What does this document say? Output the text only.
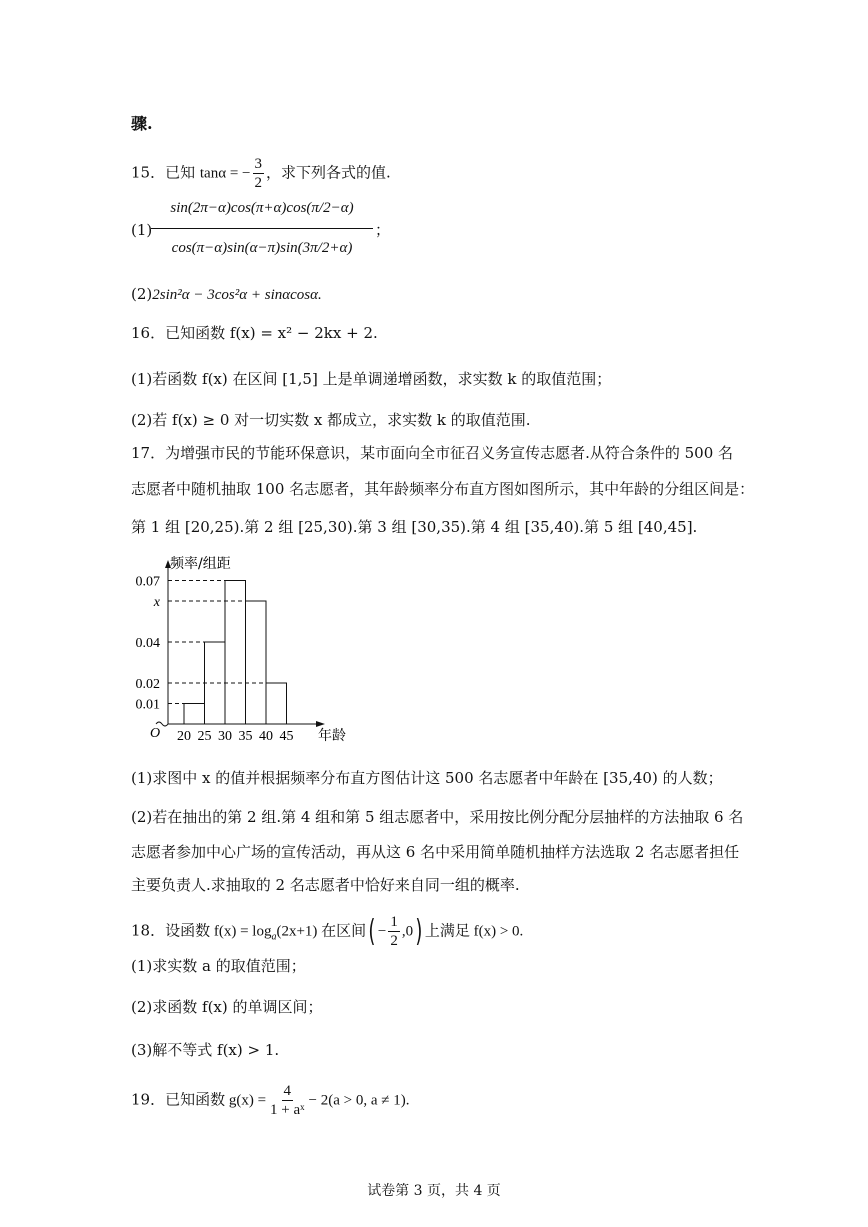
骤.
15．已知 tanα = − $\frac{3}{2}$ ，求下列各式的值.
(1)
sin(2π−α)cos(π+α)cos(π/2−α)
cos(π−α)sin(α−π)sin(3π/2+α)
；
(2)2sin²α − 3cos²α + sinαcosα.
16．已知函数 f(x) = x² − 2kx + 2.
(1)若函数 f(x) 在区间 [1,5] 上是单调递增函数，求实数 k 的取值范围；
(2)若 f(x) ≥ 0 对一切实数 x 都成立，求实数 k 的取值范围.
17．为增强市民的节能环保意识，某市面向全市征召义务宣传志愿者.从符合条件的 500 名
志愿者中随机抽取 100 名志愿者，其年龄频率分布直方图如图所示，其中年龄的分组区间是：
第 1 组 [20,25).第 2 组 [25,30).第 3 组 [30,35).第 4 组 [35,40).第 5 组 [40,45].
频率/组距
年龄
O 20 25 30 35 40 45
0.07
x
0.04
0.02
0.01
(1)求图中 x 的值并根据频率分布直方图估计这 500 名志愿者中年龄在 [35,40) 的人数；
(2)若在抽出的第 2 组.第 4 组和第 5 组志愿者中，采用按比例分配分层抽样的方法抽取 6 名
志愿者参加中心广场的宣传活动，再从这 6 名中采用简单随机抽样方法选取 2 名志愿者担任
主要负责人.求抽取的 2 名志愿者中恰好来自同一组的概率.
18．设函数 $f(x) = \log_a(2x+1)$ 在区间( − $\frac{1}{2} ,0$) 上满足 f(x) > 0.
(1)求实数 a 的取值范围；
(2)求函数 f(x) 的单调区间；
(3)解不等式 f(x) > 1.
19．已知函数 $g(x) = \frac{4}{\text{1 + aˣ}} - 2(a > 0$, a ≠ 1).
试卷第 3 页，共 4 页
